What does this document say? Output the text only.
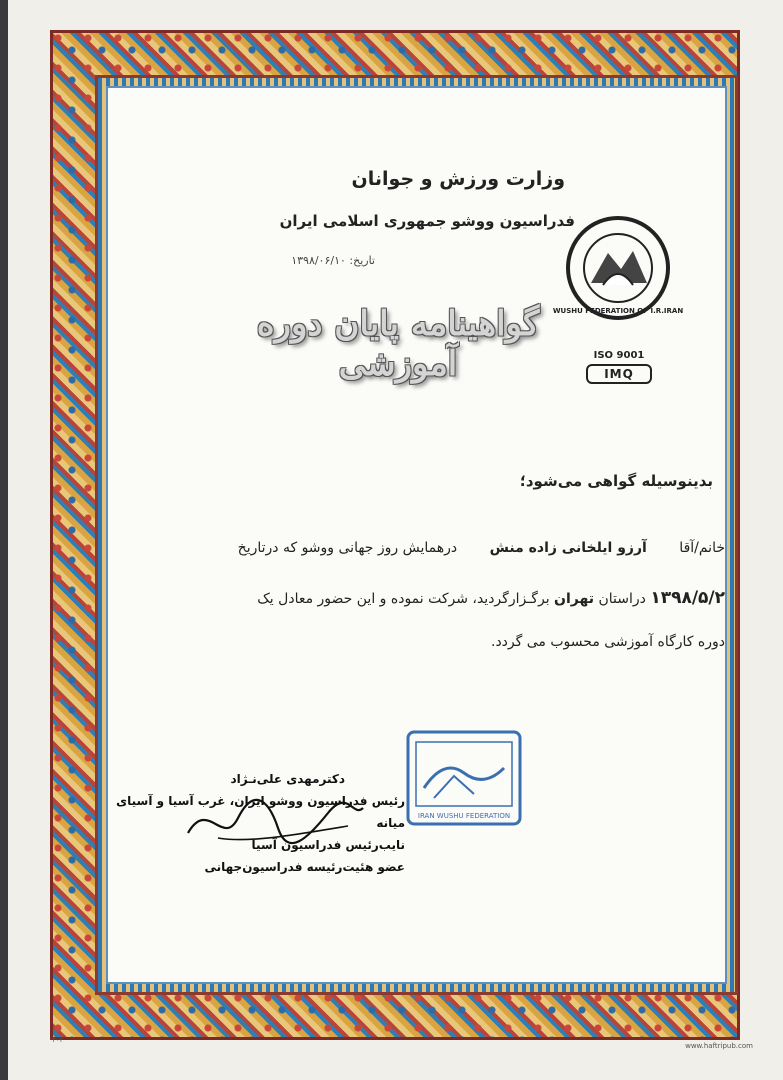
وزارت ورزش و جوانان
فدراسیون ووشو جمهوری اسلامی ایران
تاریخ: ۱۳۹۸/۰۶/۱۰
WUSHU FEDERATION OF I.R.IRAN
ISO 9001
IMQ
گواهینامه پایان دوره آموزشی
بدینوسیله گواهی می‌شود؛
خانم/آقا آرزو ایلخانی زاده منش درهمایش روز جهانی ووشو که درتاریخ
۱۳۹۸/۵/۲ دراستان تهران برگـزارگردید، شرکت نموده و این حضور معادل یک
دوره کارگاه آموزشی محسوب می گردد.
IRAN WUSHU FEDERATION
دکترمهدی علی‌نـژاد
رئیس فدراسیون ووشو ایران، غرب آسیا و آسیای میانه
نایب‌رئیس فدراسیون آسیا
عضو هئیت‌رئیسه فدراسیون‌جهانی
۴۰۲
www.haftripub.com
